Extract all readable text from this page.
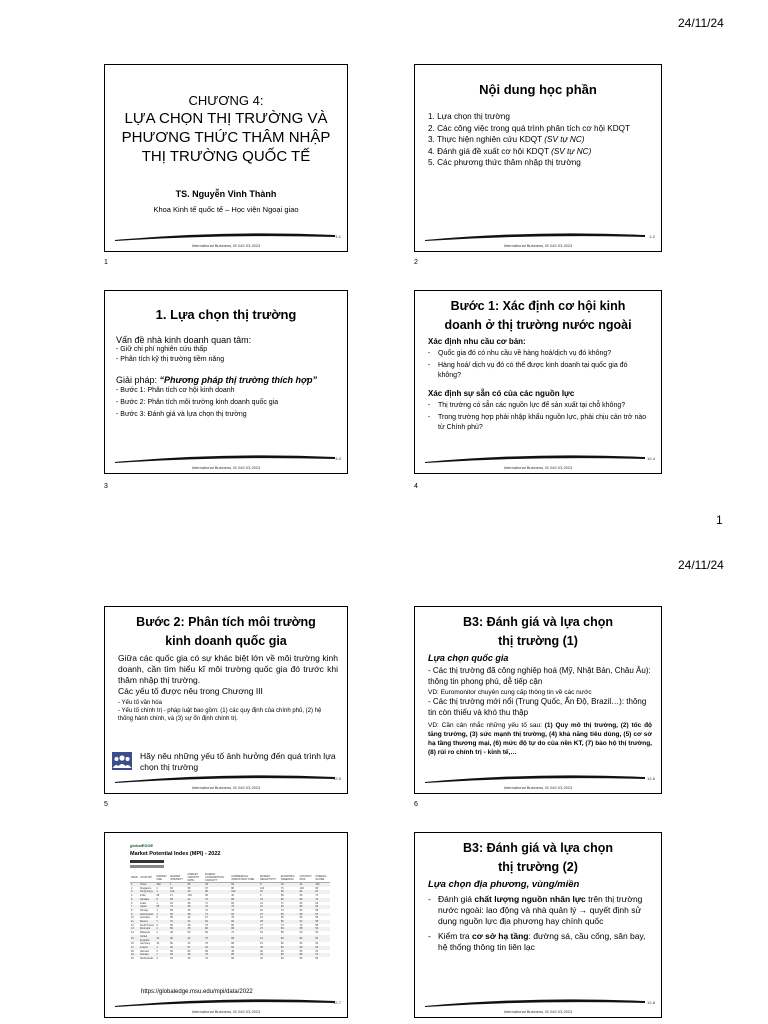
24/11/24
CHƯƠNG 4:
LỰA CHỌN THỊ TRƯỜNG VÀ
PHƯƠNG THỨC THÂM NHẬP
THỊ TRƯỜNG QUỐC TẾ
TS. Nguyễn Vinh Thành
Khoa Kinh tế quốc tế – Học viện Ngoại giao
3-1
International Business, IE.042.03.2024
1
Nội dung học phần
1. Lựa chọn thị trường
2. Các công việc trong quá trình phân tích cơ hội KDQT
3. Thực hiện nghiên cứu KDQT (SV tự NC)
4. Đánh giá đề xuất cơ hội KDQT (SV tự NC)
5. Các phương thức thâm nhập thị trường
1-2
International Business, IE.042.03.2024
2
1. Lựa chọn thị trường
Vấn đề nhà kinh doanh quan tâm:
- Giữ chi phí nghiên cứu thấp
- Phân tích kỹ thị trường tiềm năng
Giải pháp: “Phương pháp thị trường thích hợp”
- Bước 1: Phân tích cơ hội kinh doanh
- Bước 2: Phân tích môi trường kinh doanh quốc gia
- Bước 3: Đánh giá và lựa chọn thị trường
3-3
International Business, IE.042.03.2024
3
Bước 1: Xác định cơ hội kinh
doanh ở thị trường nước ngoài
Xác định nhu cầu cơ bản:
- Quốc gia đó có nhu cầu về hàng hoá/dịch vụ đó không?
- Hàng hoá/ dịch vụ đó có thể được kinh doanh tại quốc gia đó không?
Xác định sự sẵn có của các nguồn lực
- Thị trường có sẵn các nguồn lực để sản xuất tại chỗ không?
- Trong trường hợp phải nhập khẩu nguồn lực, phải chịu cản trở nào từ Chính phủ?
12-4
International Business, IE.042.03.2024
4
1
24/11/24
Bước 2: Phân tích môi trường
kinh doanh quốc gia
Giữa các quốc gia có sự khác biệt lớn về môi trường kinh doanh, cần tìm hiểu kĩ môi trường quốc gia đó trước khi thâm nhập thị trường.
Các yếu tố được nêu trong Chương III
- Yếu tố văn hóa
- Yếu tố chính trị - pháp luật bao gồm: (1) các quy định của chính phủ, (2) hệ thống hành chính, và (3) sự ổn định chính trị.
Hãy nêu những yếu tố ảnh hưởng đến quá trình lựa chọn thị trường
12-5
International Business, IE.042.03.2024
5
B3: Đánh giá và lựa chọn
thị trường (1)
Lựa chọn quốc gia
- Các thị trường đã công nghiệp hoá (Mỹ, Nhật Bản, Châu Âu): thông tin phong phú, dễ tiếp cận
VD: Euromonitor chuyên cung cấp thông tin về các nước
- Các thị trường mới nổi (Trung Quốc, Ấn Độ, Brazil…): thông tin còn thiếu và khó thu thập
VD: Cần cân nhắc những yếu tố sau: (1) Quy mô thị trường, (2) tốc độ tăng trưởng, (3) sức mạnh thị trường, (4) khả năng tiêu dùng, (5) cơ sở hạ tầng thương mại, (6) mức độ tự do của nền KT, (7) bảo hộ thị trường, (8) rủi ro chính trị - kinh tế,…
12-6
International Business, IE.042.03.2024
6
globalEDGE
Market Potential Index (MPI) - 2022
RANK	COUNTRY	MARKET SIZE	MARKET INTENSITY	MARKET GROWTH RATE	MARKET CONSUMPTION CAPACITY	COMMERCIAL INFRASTRUCTURE	MARKET RECEPTIVITY	ECONOMIC FREEDOM	COUNTRY RISK	OVERALL SCORE
1	China	100	1	66	49	69	5	16	44	100
2	Singapore	2	82	58	67	88	100	76	100	96
3	Hong Kong	1	100	46	58	100	97	66	82	87
4	India	38	11	100	66	40	6	59	50	74
5	Canada	8	89	41	76	86	31	80	82	70
6	Israel	1	91	48	71	84	21	71	62	62
7	Japan	25	72	25	76	76	12	66	80	60
8	Norway	1	89	45	74	79	20	73	84	58
9	Switzerland	1	92	38	71	84	27	84	86	57
10	Australia	5	86	42	67	78	15	85	83	56
11	Mexico	7	70	44	64	66	28	56	52	55
12	South Korea	6	66	38	76	80	27	74	74	55
13	Denmark	1	89	35	80	88	27	83	88	54
14	Malaysia	2	48	53	69	73	51	58	63	54
15	United Kingdom	10	90	32	75	85	12	86	80	53
16	Germany	14	80	33	78	88	19	82	83	52
17	Ireland	1	90	57	64	82	39	82	80	52
18	Vietnam	3	56	60	69	45	60	40	55	51
19	Sweden	1	84	38	75	85	24	86	86	51
20	Netherlands	3	83	36	74	89	32	82	86	50
https://globaledge.msu.edu/mpi/data/2022
12-7
International Business, IE.042.03.2024
B3: Đánh giá và lựa chọn
thị trường (2)
Lựa chọn địa phương, vùng/miền
- Đánh giá chất lượng nguồn nhân lực trên thị trường nước ngoài: lao động và nhà quản lý → quyết định sử dụng nguồn lực địa phương hay chính quốc
- Kiểm tra cơ sở hạ tầng: đường sá, cầu cống, sân bay, hệ thống thông tin liên lạc
12-8
International Business, IE.042.03.2024
